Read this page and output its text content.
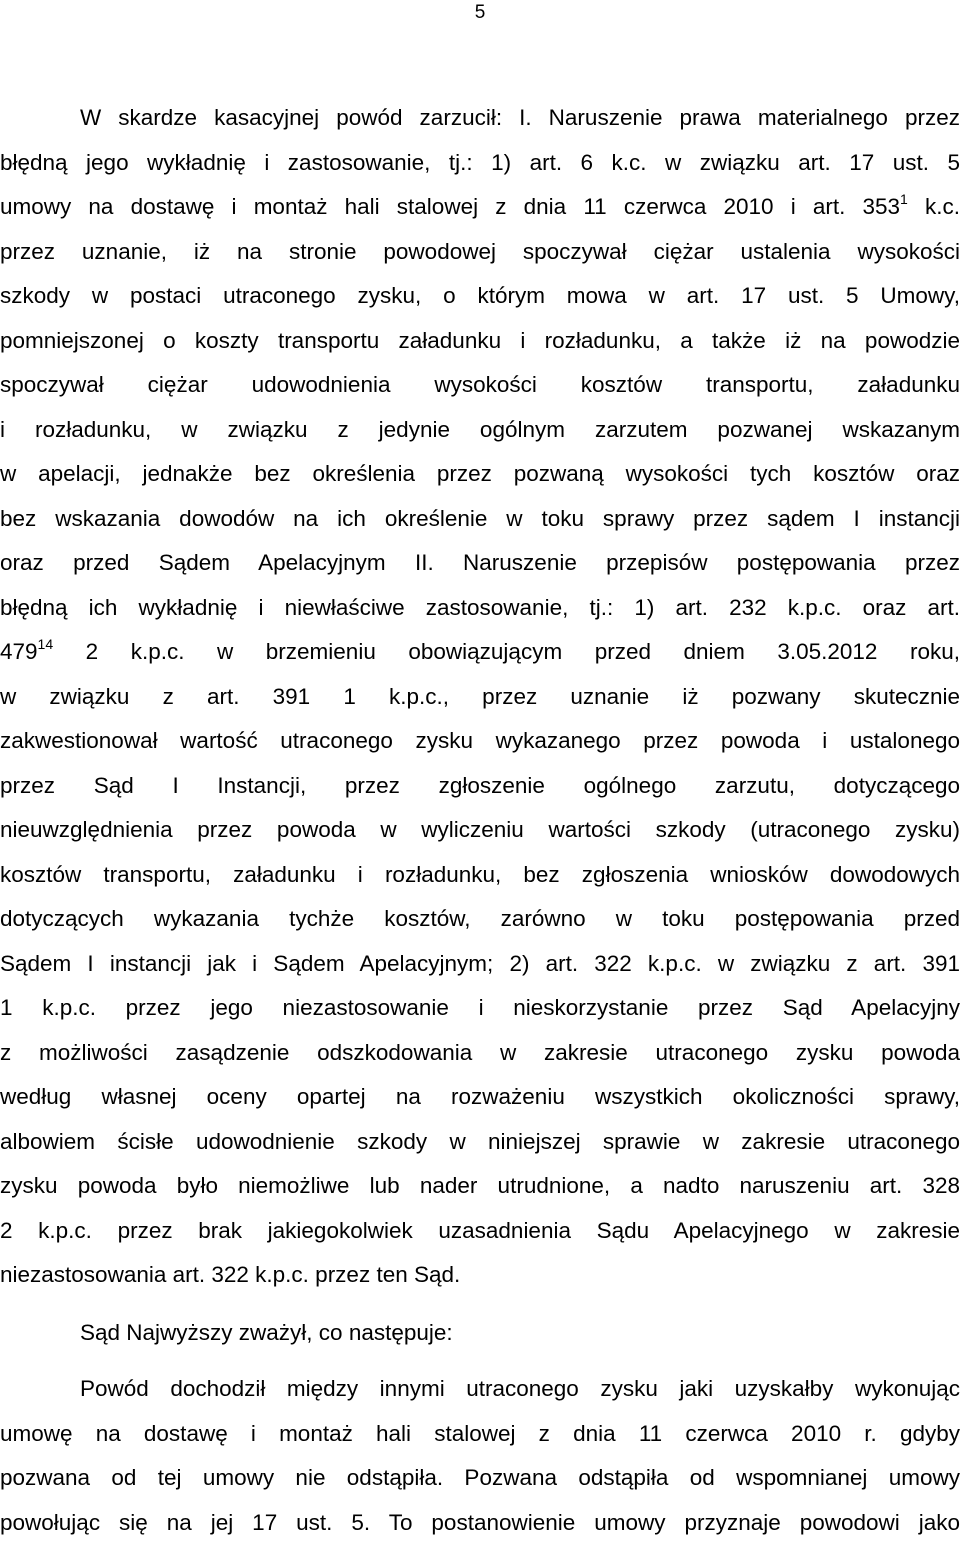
5
W skardze kasacyjnej powód zarzucił: I. Naruszenie prawa materialnego przez
błędną jego wykładnię i zastosowanie, tj.: 1) art. 6 k.c. w związku art. 17 ust. 5
umowy na dostawę i montaż hali stalowej z dnia 11 czerwca 2010 i art. $353^1$ k.c.
przez uznanie, iż na stronie powodowej spoczywał ciężar ustalenia wysokości
szkody w postaci utraconego zysku, o którym mowa w art. 17 ust. 5 Umowy,
pomniejszonej o koszty transportu załadunku i rozładunku, a także iż na powodzie
spoczywał ciężar udowodnienia wysokości kosztów transportu, załadunku
i rozładunku, w związku z jedynie ogólnym zarzutem pozwanej wskazanym
w apelacji, jednakże bez określenia przez pozwaną wysokości tych kosztów oraz
bez wskazania dowodów na ich określenie w toku sprawy przez sądem I instancji
oraz przed Sądem Apelacyjnym II. Naruszenie przepisów postępowania przez
błędną ich wykładnię i niewłaściwe zastosowanie, tj.: 1) art. 232 k.p.c. oraz art.
$479^{14}$ 2 k.p.c. w brzemieniu obowiązującym przed dniem 3.05.2012 roku,
w związku z art. 391 1 k.p.c., przez uznanie iż pozwany skutecznie
zakwestionował wartość utraconego zysku wykazanego przez powoda i ustalonego
przez Sąd I Instancji, przez zgłoszenie ogólnego zarzutu, dotyczącego
nieuwzględnienia przez powoda w wyliczeniu wartości szkody (utraconego zysku)
kosztów transportu, załadunku i rozładunku, bez zgłoszenia wniosków dowodowych
dotyczących wykazania tychże kosztów, zarówno w toku postępowania przed
Sądem I instancji jak i Sądem Apelacyjnym; 2) art. 322 k.p.c. w związku z art. 391
1 k.p.c. przez jego niezastosowanie i nieskorzystanie przez Sąd Apelacyjny
z możliwości zasądzenie odszkodowania w zakresie utraconego zysku powoda
według własnej oceny opartej na rozważeniu wszystkich okoliczności sprawy,
albowiem ścisłe udowodnienie szkody w niniejszej sprawie w zakresie utraconego
zysku powoda było niemożliwe lub nader utrudnione, a nadto naruszeniu art. 328
2 k.p.c. przez brak jakiegokolwiek uzasadnienia Sądu Apelacyjnego w zakresie
niezastosowania art. 322 k.p.c. przez ten Sąd.
Sąd Najwyższy zważył, co następuje:
Powód dochodził między innymi utraconego zysku jaki uzyskałby wykonując
umowę na dostawę i montaż hali stalowej z dnia 11 czerwca 2010 r. gdyby
pozwana od tej umowy nie odstąpiła. Pozwana odstąpiła od wspomnianej umowy
powołując się na jej 17 ust. 5. To postanowienie umowy przyznaje powodowi jako
